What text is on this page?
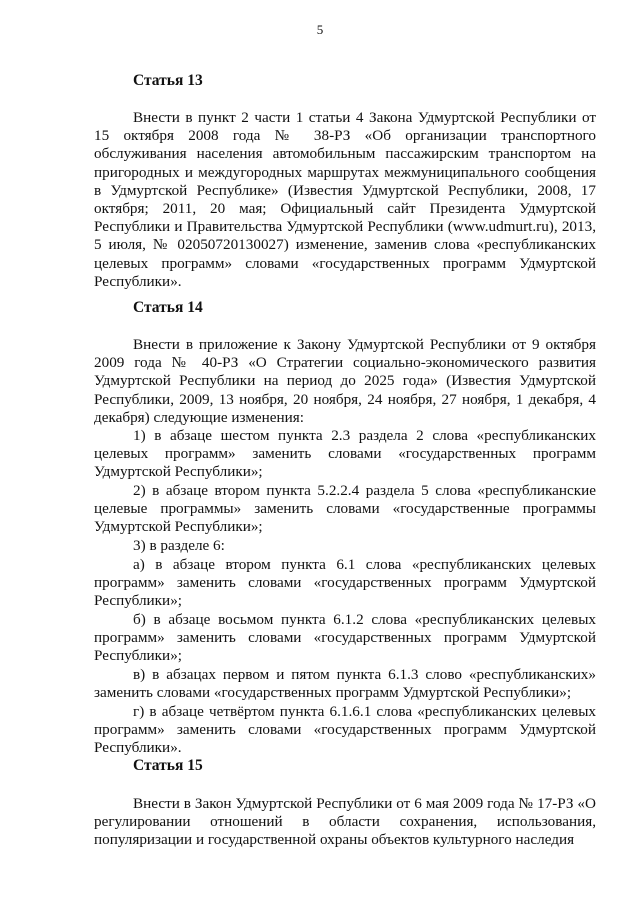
5
Статья 13
Внести в пункт 2 части 1 статьи 4 Закона Удмуртской Республики от 15 октября 2008 года № 38-РЗ «Об организации транспортного обслуживания населения автомобильным пассажирским транспортом на пригородных и междугородных маршрутах межмуниципального сообщения в Удмуртской Республике» (Известия Удмуртской Республики, 2008, 17 октября; 2011, 20 мая; Официальный сайт Президента Удмуртской Республики и Правительства Удмуртской Республики (www.udmurt.ru), 2013, 5 июля, № 02050720130027) изменение, заменив слова «республиканских целевых программ» словами «государственных программ Удмуртской Республики».
Статья 14
Внести в приложение к Закону Удмуртской Республики от 9 октября 2009 года № 40-РЗ «О Стратегии социально-экономического развития Удмуртской Республики на период до 2025 года» (Известия Удмуртской Республики, 2009, 13 ноября, 20 ноября, 24 ноября, 27 ноября, 1 декабря, 4 декабря) следующие изменения:
1) в абзаце шестом пункта 2.3 раздела 2 слова «республиканских целевых программ» заменить словами «государственных программ Удмуртской Республики»;
2) в абзаце втором пункта 5.2.2.4 раздела 5 слова «республиканские целевые программы» заменить словами «государственные программы Удмуртской Республики»;
3) в разделе 6:
а) в абзаце втором пункта 6.1 слова «республиканских целевых программ» заменить словами «государственных программ Удмуртской Республики»;
б) в абзаце восьмом пункта 6.1.2 слова «республиканских целевых программ» заменить словами «государственных программ Удмуртской Республики»;
в) в абзацах первом и пятом пункта 6.1.3 слово «республиканских» заменить словами «государственных программ Удмуртской Республики»;
г) в абзаце четвёртом пункта 6.1.6.1 слова «республиканских целевых программ» заменить словами «государственных программ Удмуртской Республики».
Статья 15
Внести в Закон Удмуртской Республики от 6 мая 2009 года № 17-РЗ «О регулировании отношений в области сохранения, использования, популяризации и государственной охраны объектов культурного наследия
